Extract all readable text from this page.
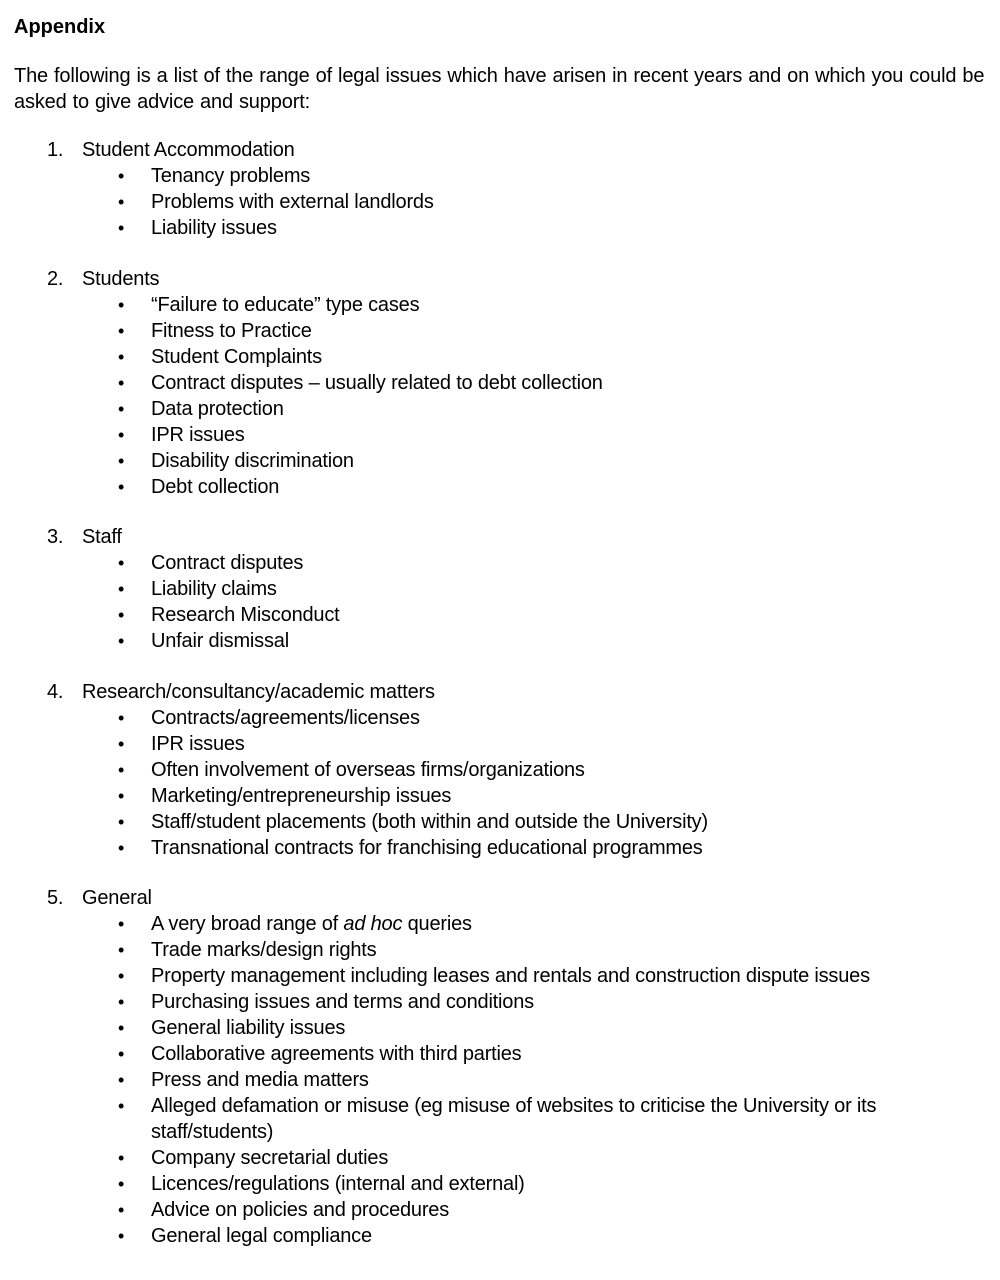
Appendix

The following is a list of the range of legal issues which have arisen in recent years and on which you could be asked to give advice and support:

1. Student Accommodation
•	Tenancy problems
•	Problems with external landlords
•	Liability issues
2. Students
•	“Failure to educate” type cases
•	Fitness to Practice
•	Student Complaints
•	Contract disputes – usually related to debt collection
•	Data protection
•	IPR issues
•	Disability discrimination
•	Debt collection
3. Staff
•	Contract disputes
•	Liability claims
•	Research Misconduct
•	Unfair dismissal
4. Research/consultancy/academic matters
•	Contracts/agreements/licenses
•	IPR issues
•	Often involvement of overseas firms/organizations
•	Marketing/entrepreneurship issues
•	Staff/student placements (both within and outside the University)
•	Transnational contracts for franchising educational programmes
5. General
•	A very broad range of ad hoc queries
•	Trade marks/design rights
•	Property management including leases and rentals and construction dispute issues
•	Purchasing issues and terms and conditions
•	General liability issues
•	Collaborative agreements with third parties
•	Press and media matters
•	Alleged defamation or misuse (eg misuse of websites to criticise the University or its staff/students)
•	Company secretarial duties
•	Licences/regulations (internal and external)
•	Advice on policies and procedures
•	General legal compliance
